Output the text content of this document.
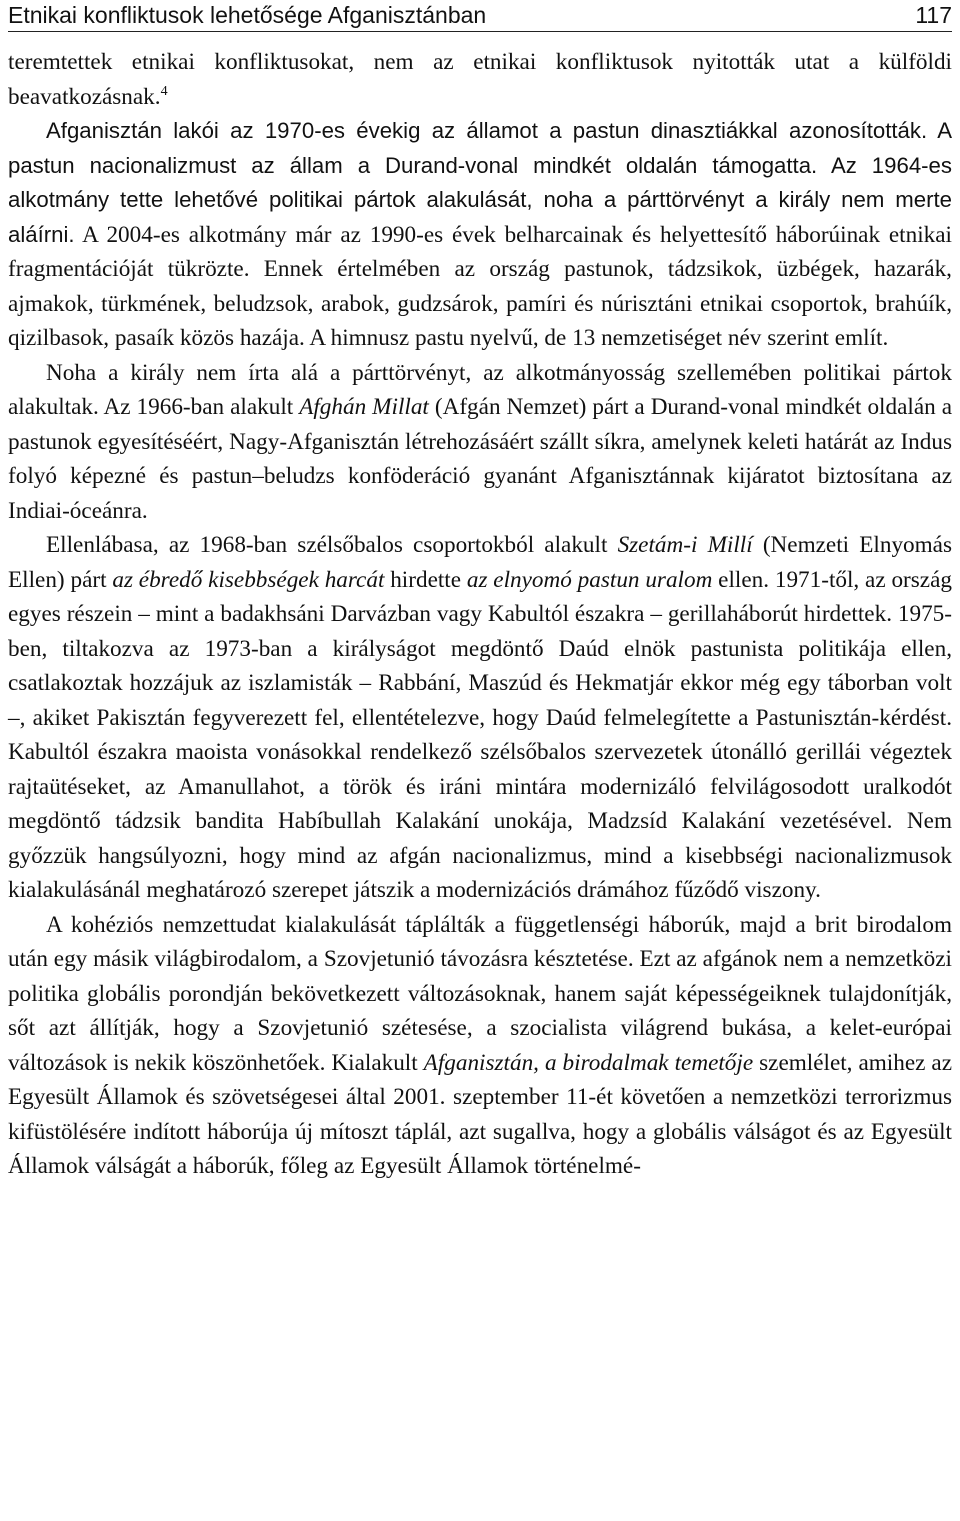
Etnikai konfliktusok lehetősége Afganisztánban	117

teremtettek etnikai konfliktusokat, nem az etnikai konfliktusok nyitották utat a külföldi beavatkozásnak.$^4$

Afganisztán lakói az 1970-es évekig az államot a pastun dinasztiákkal azonosították. A pastun nacionalizmust az állam a Durand-vonal mindkét oldalán támogatta. Az 1964-es alkotmány tette lehetővé politikai pártok alakulását, noha a párttörvényt a király nem merte aláírni. A 2004-es alkotmány már az 1990-es évek belharcainak és helyettesítő háborúinak etnikai fragmentációját tükrözte. Ennek értelmében az ország pastunok, tádzsikok, üzbégek, hazarák, ajmakok, türkmének, beludzsok, arabok, gudzsárok, pamíri és núrisztáni etnikai csoportok, brahúík, qizilbasok, pasaík közös hazája. A himnusz pastu nyelvű, de 13 nemzetiséget név szerint említ.

Noha a király nem írta alá a párttörvényt, az alkotmányosság szellemében politikai pártok alakultak. Az 1966-ban alakult Afghán Millat (Afgán Nemzet) párt a Durand-vonal mindkét oldalán a pastunok egyesítéséért, Nagy-Afganisztán létrehozásáért szállt síkra, amelynek keleti határát az Indus folyó képezné és pastun–beludzs konföderáció gyanánt Afganisztánnak kijáratot biztosítana az Indiai-óceánra.

Ellenlábasa, az 1968-ban szélsőbalos csoportokból alakult Szetám-i Millí (Nemzeti Elnyomás Ellen) párt az ébredő kisebbségek harcát hirdette az elnyomó pastun uralom ellen. 1971-től, az ország egyes részein – mint a badakhsáni Darvázban vagy Kabultól északra – gerillaháborút hirdettek. 1975-ben, tiltakozva az 1973-ban a királyságot megdöntő Daúd elnök pastunista politikája ellen, csatlakoztak hozzájuk az iszlamisták – Rabbání, Maszúd és Hekmatjár ekkor még egy táborban volt –, akiket Pakisztán fegyverezett fel, ellentételezve, hogy Daúd felmelegítette a Pastunisztán-kérdést. Kabultól északra maoista vonásokkal rendelkező szélsőbalos szervezetek útonálló gerillái végeztek rajtaütéseket, az Amanullahot, a török és iráni mintára modernizáló felvilágosodott uralkodót megdöntő tádzsik bandita Habíbullah Kalakání unokája, Madzsíd Kalakání vezetésével. Nem győzzük hangsúlyozni, hogy mind az afgán nacionalizmus, mind a kisebbségi nacionalizmusok kialakulásánál meghatározó szerepet játszik a modernizációs drámához fűződő viszony.

A kohéziós nemzettudat kialakulását táplálták a függetlenségi háborúk, majd a brit birodalom után egy másik világbirodalom, a Szovjetunió távozásra késztetése. Ezt az afgánok nem a nemzetközi politika globális porondján bekövetkezett változásoknak, hanem saját képességeiknek tulajdonítják, sőt azt állítják, hogy a Szovjetunió szétesése, a szocialista világrend bukása, a kelet-európai változások is nekik köszönhetőek. Kialakult Afganisztán, a birodalmak temetője szemlélet, amihez az Egyesült Államok és szövetségesei által 2001. szeptember 11-ét követően a nemzetközi terrorizmus kifüstölésére indított háborúja új mítoszt táplál, azt sugallva, hogy a globális válságot és az Egyesült Államok válságát a háborúk, főleg az Egyesült Államok történelmé-
